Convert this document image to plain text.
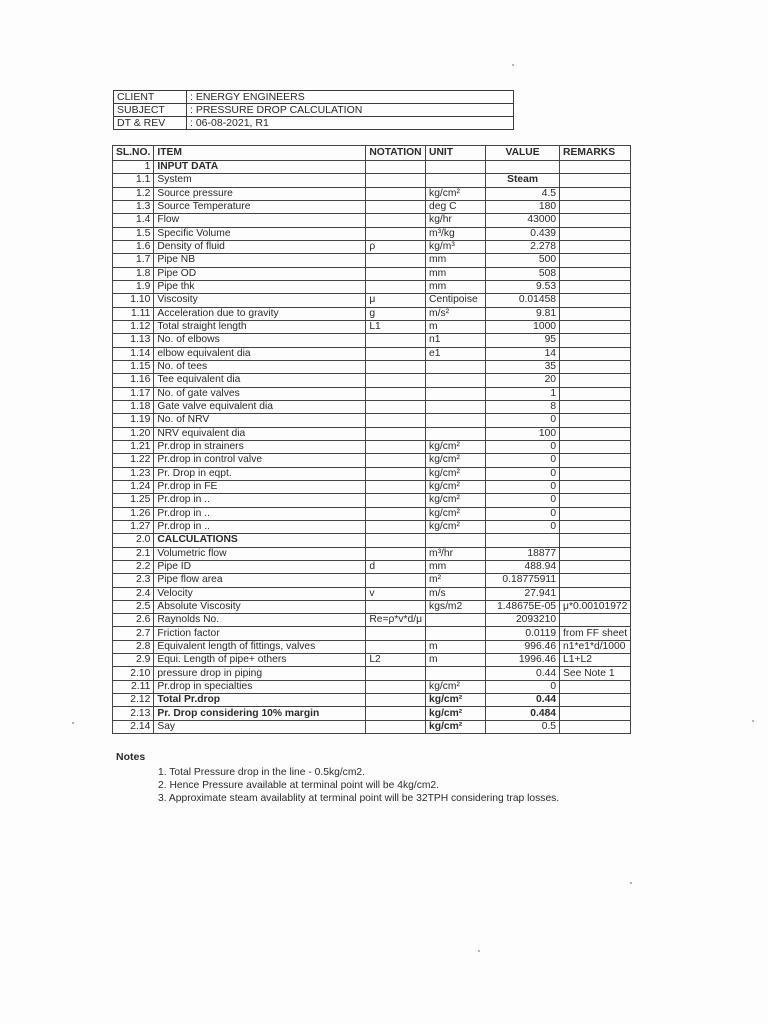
CLIENT	: ENERGY ENGINEERS
SUBJECT	: PRESSURE DROP CALCULATION
DT & REV	: 06-08-2021, R1
SL.NO.	ITEM	NOTATION	UNIT	VALUE	REMARKS
1	INPUT DATA				
1.1	System			Steam	
1.2	Source pressure		kg/cm²	4.5	
1.3	Source Temperature		deg C	180	
1.4	Flow		kg/hr	43000	
1.5	Specific Volume		m³/kg	0.439	
1.6	Density of fluid	ρ	kg/m³	2.278	
1.7	Pipe NB		mm	500	
1.8	Pipe OD		mm	508	
1.9	Pipe thk		mm	9.53	
1.10	Viscosity	μ	Centipoise	0.01458	
1.11	Acceleration due to gravity	g	m/s²	9.81	
1.12	Total straight length	L1	m	1000	
1.13	No. of elbows		n1	95	
1.14	elbow equivalent dia		e1	14	
1.15	No. of tees			35	
1.16	Tee equivalent dia			20	
1.17	No. of gate valves			1	
1.18	Gate valve equivalent dia			8	
1.19	No. of NRV			0	
1.20	NRV equivalent dia			100	
1.21	Pr.drop in strainers		kg/cm²	0	
1.22	Pr.drop in control valve		kg/cm²	0	
1.23	Pr. Drop in eqpt.		kg/cm²	0	
1.24	Pr.drop in FE		kg/cm²	0	
1.25	Pr.drop in ..		kg/cm²	0	
1.26	Pr.drop in ..		kg/cm²	0	
1.27	Pr.drop in ..		kg/cm²	0	
2.0	CALCULATIONS				
2.1	Volumetric flow		m³/hr	18877	
2.2	Pipe ID	d	mm	488.94	
2.3	Pipe flow area		m²	0.18775911	
2.4	Velocity	v	m/s	27.941	
2.5	Absolute Viscosity		kgs/m2	1.48675E-05	μ*0.00101972
2.6	Raynolds No.	Re=ρ*v*d/μ		2093210	
2.7	Friction factor			0.0119	from FF sheet
2.8	Equivalent length of fittings, valves		m	996.46	n1*e1*d/1000
2.9	Equi. Length of pipe+ others	L2	m	1996.46	L1+L2
2.10	pressure drop in piping			0.44	See Note 1
2.11	Pr.drop in specialties		kg/cm²	0	
2.12	Total Pr.drop		kg/cm²	0.44	
2.13	Pr. Drop considering 10% margin		kg/cm²	0.484	
2.14	Say		kg/cm²	0.5	
Notes
1. Total Pressure drop in the line - 0.5kg/cm2.
2. Hence Pressure available at terminal point will be 4kg/cm2.
3. Approximate steam availablity at terminal point will be 32TPH considering trap losses.
